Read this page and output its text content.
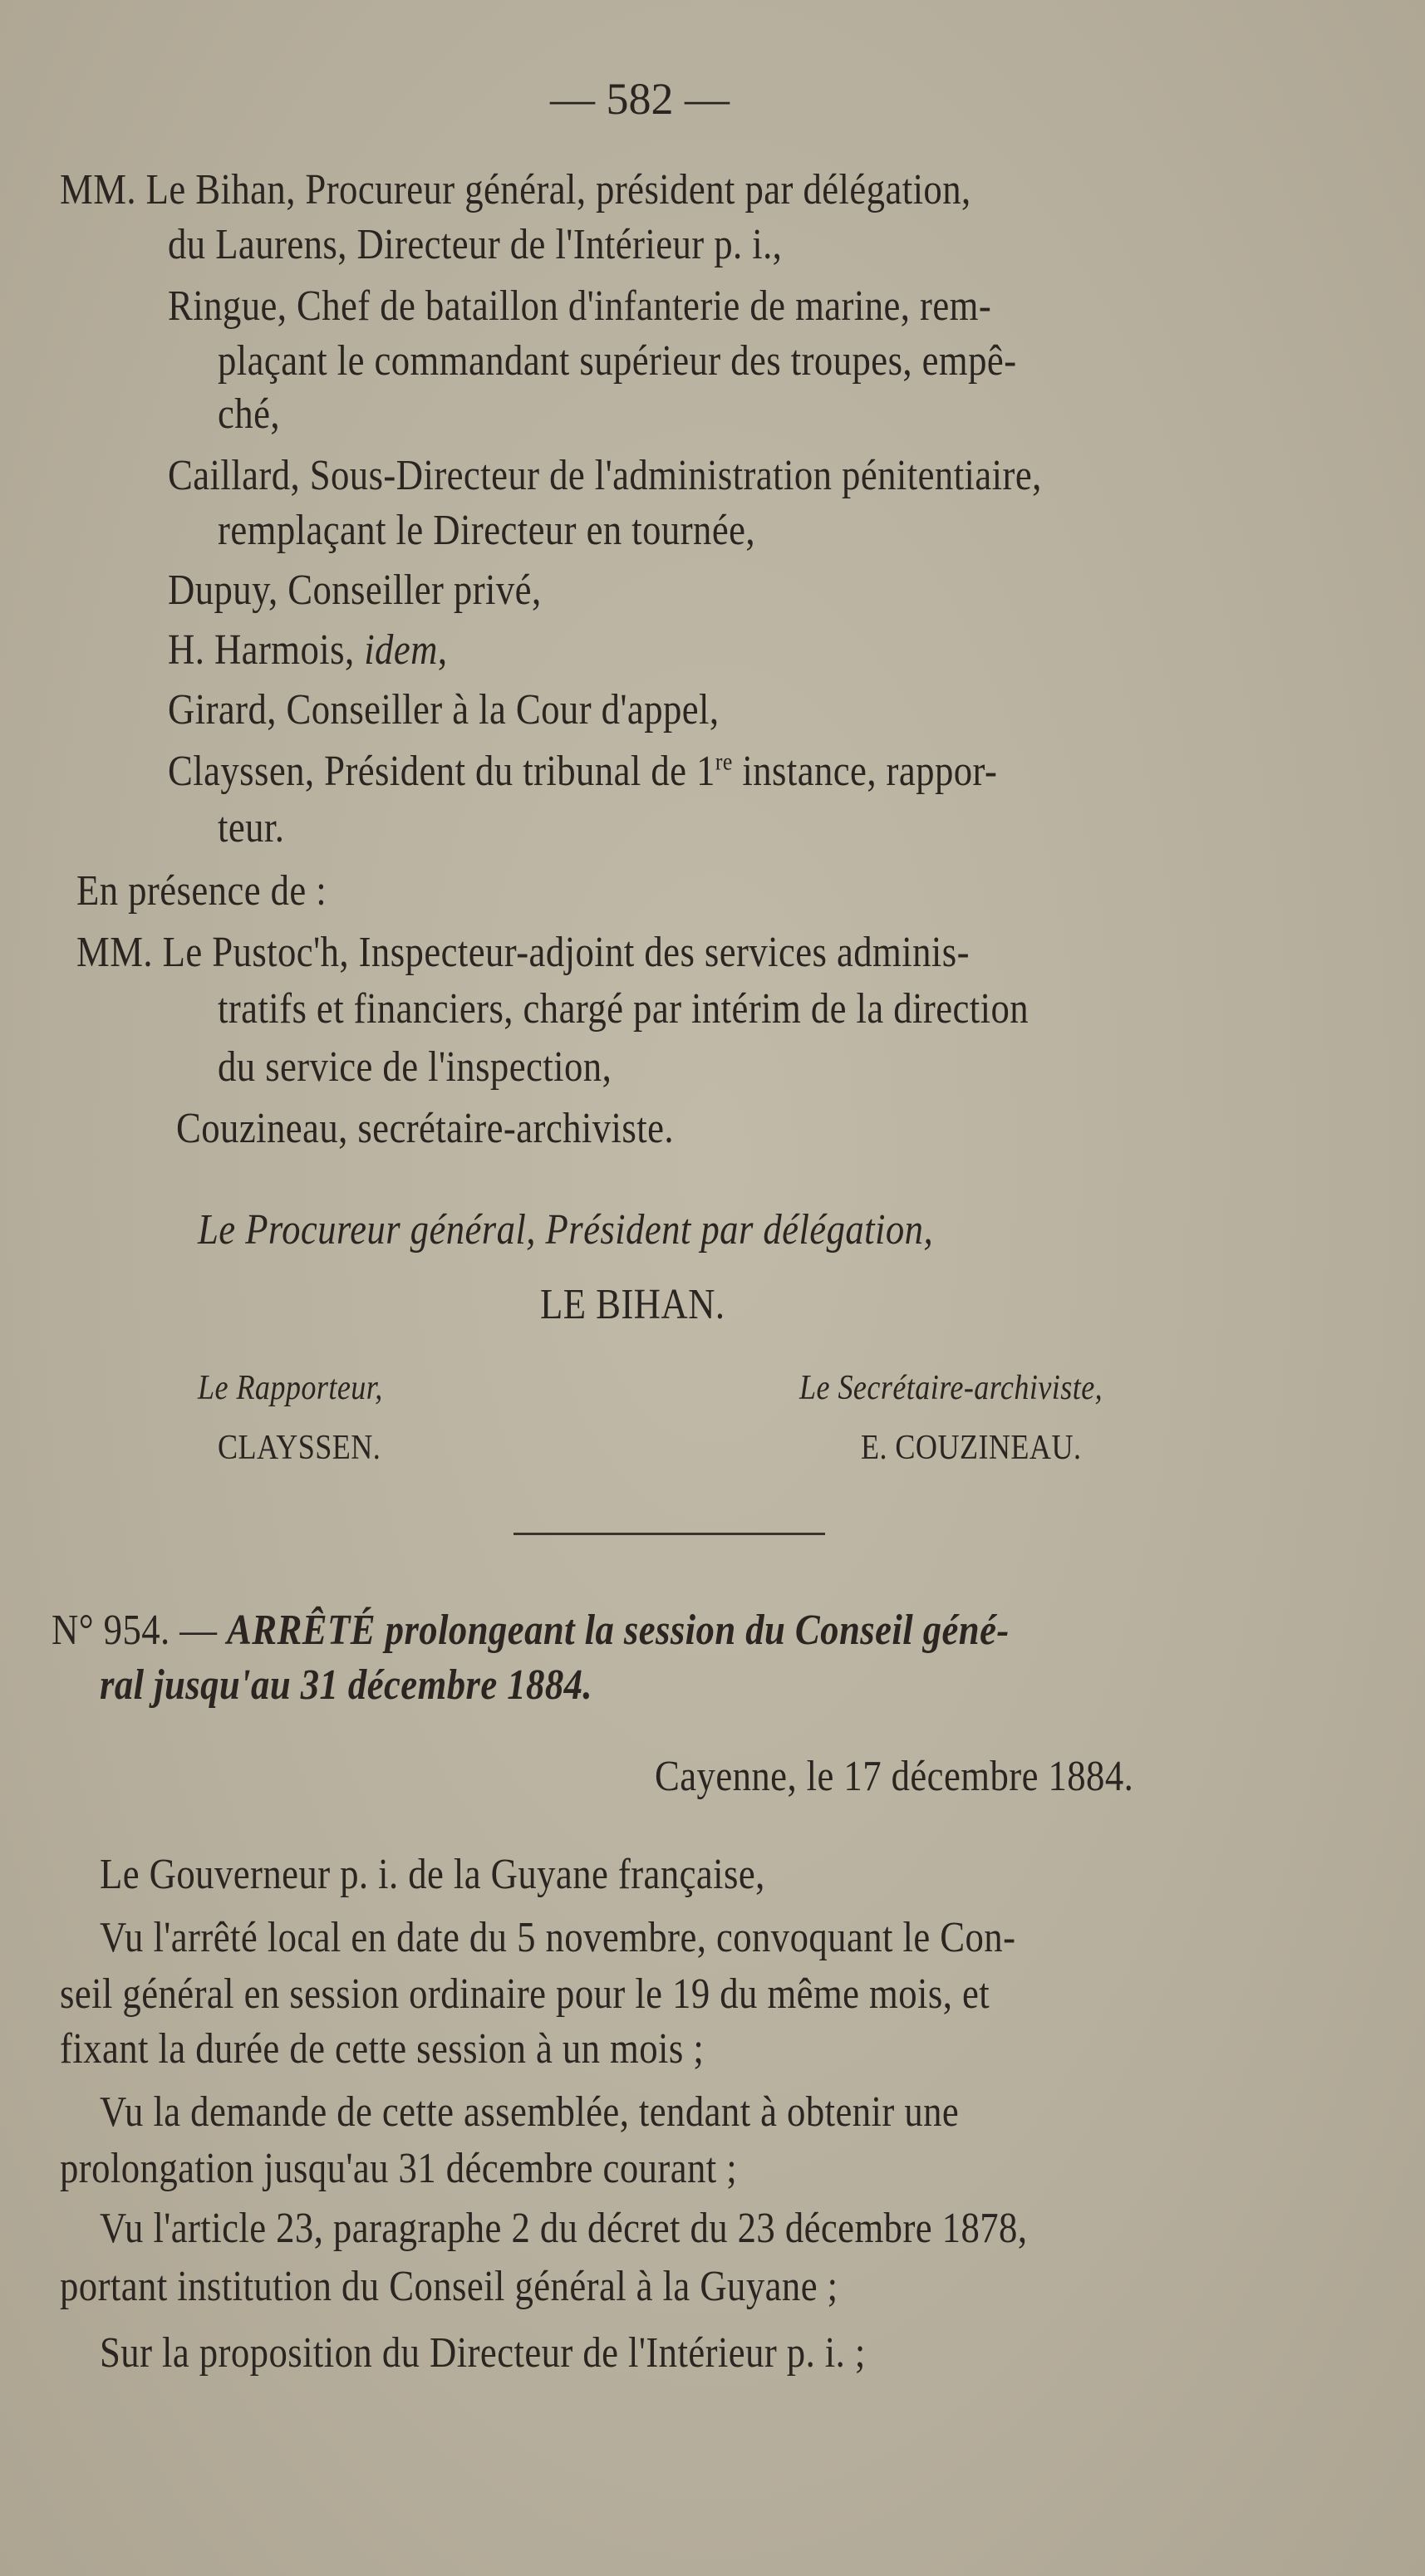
— 582 —
MM. Le Bihan, Procureur général, président par délégation,
du Laurens, Directeur de l'Intérieur p. i.,
Ringue, Chef de bataillon d'infanterie de marine, rem-
plaçant le commandant supérieur des troupes, empê-
ché,
Caillard, Sous-Directeur de l'administration pénitentiaire,
remplaçant le Directeur en tournée,
Dupuy, Conseiller privé,
H. Harmois, idem,
Girard, Conseiller à la Cour d'appel,
Clayssen, Président du tribunal de 1re instance, rappor-
teur.
En présence de :
MM. Le Pustoc'h, Inspecteur-adjoint des services adminis-
tratifs et financiers, chargé par intérim de la direction
du service de l'inspection,
Couzineau, secrétaire-archiviste.
Le Procureur général, Président par délégation,
LE BIHAN.
Le Rapporteur,	Le Secrétaire-archiviste,
CLAYSSEN.	E. COUZINEAU.
N° 954. — ARRÊTÉ prolongeant la session du Conseil géné-
ral jusqu'au 31 décembre 1884.
Cayenne, le 17 décembre 1884.
Le Gouverneur p. i. de la Guyane française,
Vu l'arrêté local en date du 5 novembre, convoquant le Con-
seil général en session ordinaire pour le 19 du même mois, et
fixant la durée de cette session à un mois ;
Vu la demande de cette assemblée, tendant à obtenir une
prolongation jusqu'au 31 décembre courant ;
Vu l'article 23, paragraphe 2 du décret du 23 décembre 1878,
portant institution du Conseil général à la Guyane ;
Sur la proposition du Directeur de l'Intérieur p. i. ;
